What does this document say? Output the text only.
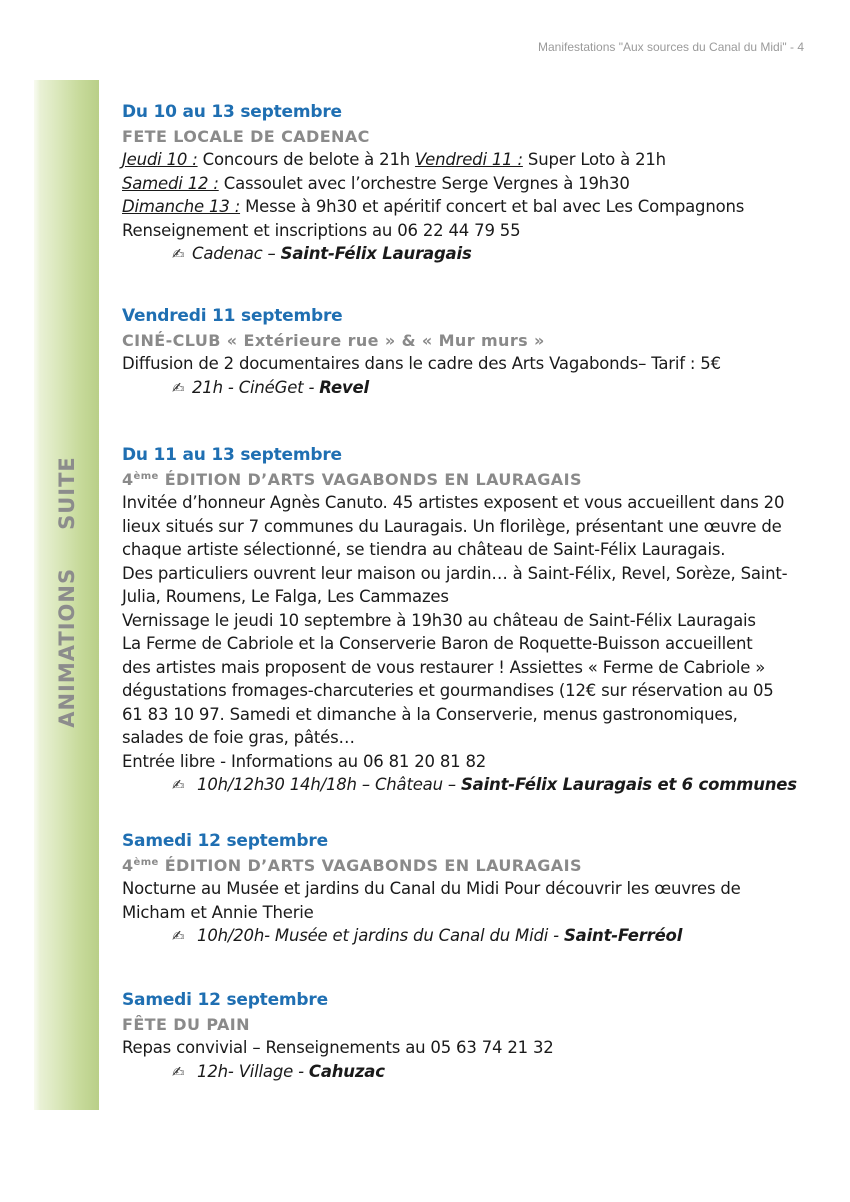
Manifestations "Aux sources du Canal du Midi" - 4
ANIMATIONSSUITE
Du 10 au 13 septembre
FETE LOCALE DE CADENAC
Jeudi 10 : Concours de belote à 21h Vendredi 11 : Super Loto à 21h
Samedi 12 : Cassoulet avec l’orchestre Serge Vergnes à 19h30
Dimanche 13 : Messe à 9h30 et apéritif concert et bal avec Les Compagnons
Renseignement et inscriptions au 06 22 44 79 55
✍ Cadenac – Saint-Félix Lauragais
Vendredi 11 septembre
CINÉ-CLUB « Extérieure rue » & « Mur murs »
Diffusion de 2 documentaires dans le cadre des Arts Vagabonds– Tarif : 5€
✍ 21h - CinéGet - Revel
Du 11 au 13 septembre
4ème ÉDITION D’ARTS VAGABONDS EN LAURAGAIS
Invitée d’honneur Agnès Canuto. 45 artistes exposent et vous accueillent dans 20
lieux situés sur 7 communes du Lauragais. Un florilège, présentant une œuvre de
chaque artiste sélectionné, se tiendra au château de Saint-Félix Lauragais.
Des particuliers ouvrent leur maison ou jardin… à Saint-Félix, Revel, Sorèze, Saint-
Julia, Roumens, Le Falga, Les Cammazes
Vernissage le jeudi 10 septembre à 19h30 au château de Saint-Félix Lauragais
La Ferme de Cabriole et la Conserverie Baron de Roquette-Buisson accueillent
des artistes mais proposent de vous restaurer ! Assiettes « Ferme de Cabriole »
dégustations fromages-charcuteries et gourmandises (12€ sur réservation au 05
61 83 10 97. Samedi et dimanche à la Conserverie, menus gastronomiques,
salades de foie gras, pâtés…
Entrée libre - Informations au 06 81 20 81 82
✍ 10h/12h30 14h/18h – Château – Saint-Félix Lauragais et 6 communes
Samedi 12 septembre
4ème ÉDITION D’ARTS VAGABONDS EN LAURAGAIS
Nocturne au Musée et jardins du Canal du Midi Pour découvrir les œuvres de
Micham et Annie Therie
✍ 10h/20h- Musée et jardins du Canal du Midi - Saint-Ferréol
Samedi 12 septembre
FÊTE DU PAIN
Repas convivial – Renseignements au 05 63 74 21 32
✍ 12h- Village - Cahuzac
